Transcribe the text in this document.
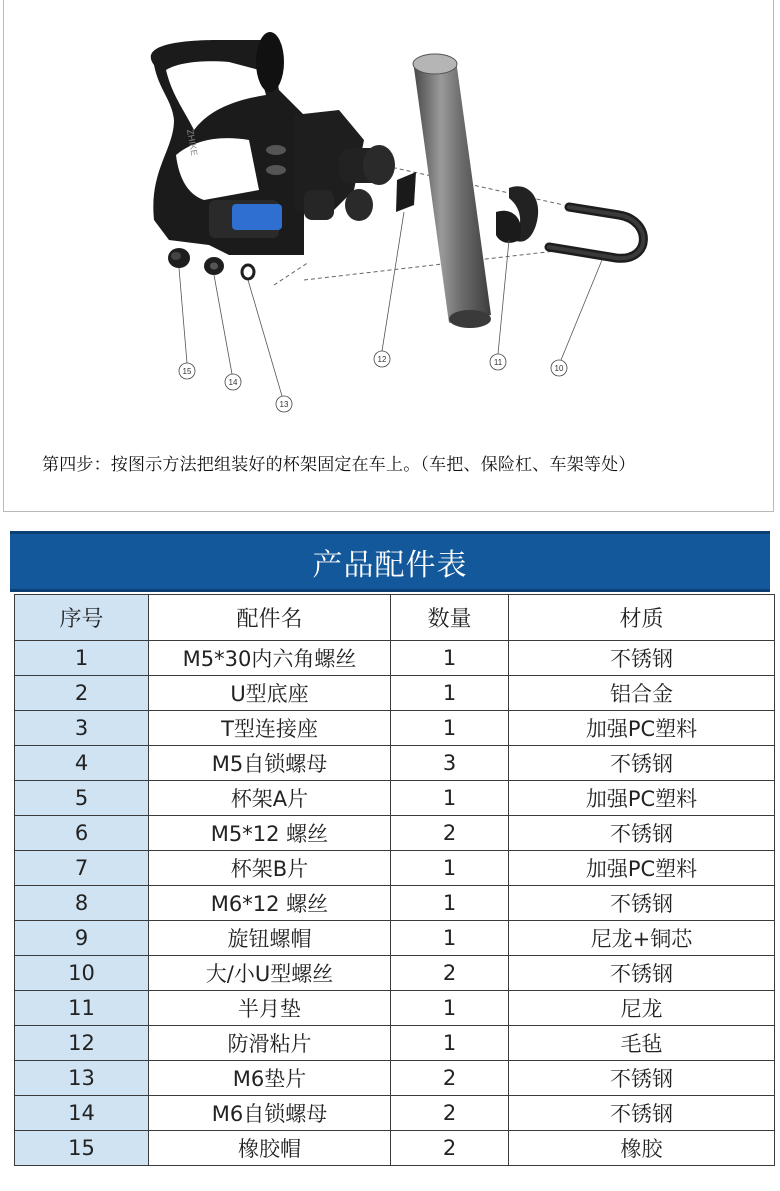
ZHIKE
15
14
13
12	11
10
第四步：按图示方法把组装好的杯架固定在车上。（车把、保险杠、车架等处）
产品配件表
序号	配件名	数量	材质
1	M5*30内六角螺丝	1	不锈钢
2	U型底座	1	铝合金
3	T型连接座	1	加强PC塑料
4	M5自锁螺母	3	不锈钢
5	杯架A片	1	加强PC塑料
6	M5*12 螺丝	2	不锈钢
7	杯架B片	1	加强PC塑料
8	M6*12 螺丝	1	不锈钢
9	旋钮螺帽	1	尼龙+铜芯
10	大/小U型螺丝	2	不锈钢
11	半月垫	1	尼龙
12	防滑粘片	1	毛毡
13	M6垫片	2	不锈钢
14	M6自锁螺母	2	不锈钢
15	橡胶帽	2	橡胶
